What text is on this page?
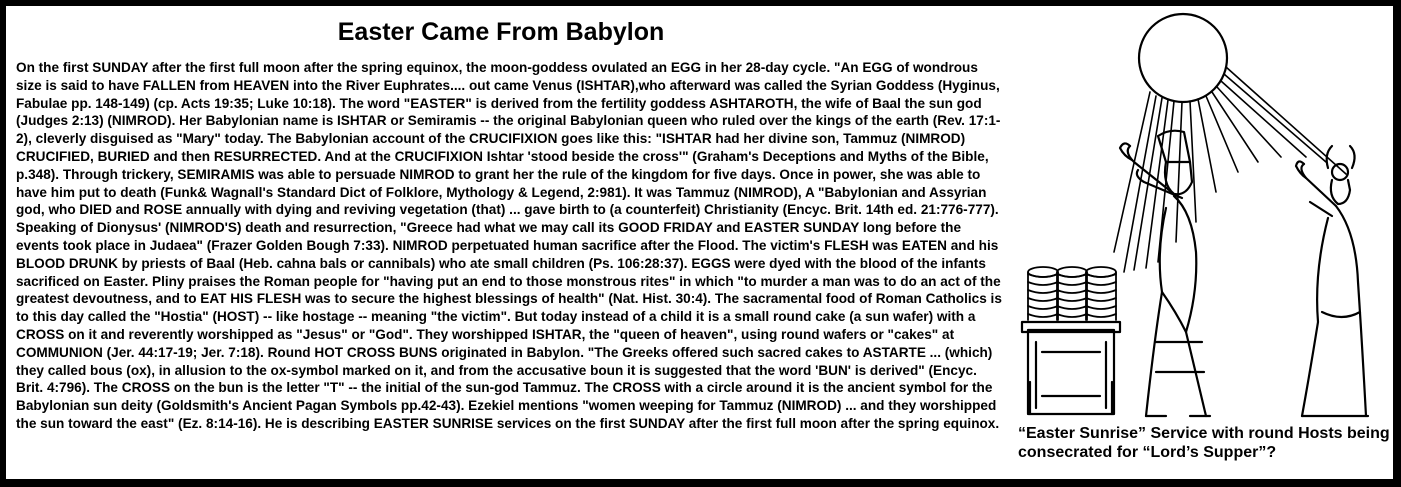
Easter Came From Babylon

On the first SUNDAY after the first full moon after the spring equinox, the moon-goddess ovulated an EGG in her 28-day cycle. "An EGG of wondrous size is said to have FALLEN from HEAVEN into the River Euphrates.... out came Venus (ISHTAR),who afterward was called the Syrian Goddess (Hyginus, Fabulae pp. 148-149) (cp. Acts 19:35; Luke 10:18). The word "EASTER" is derived from the fertility goddess ASHTAROTH, the wife of Baal the sun god (Judges 2:13) (NIMROD). Her Babylonian name is ISHTAR or Semiramis -- the original Babylonian queen who ruled over the kings of the earth (Rev. 17:1-2), cleverly disguised as "Mary" today. The Babylonian account of the CRUCIFIXION goes like this: "ISHTAR had her divine son, Tammuz (NIMROD) CRUCIFIED, BURIED and then RESURRECTED. And at the CRUCIFIXION Ishtar 'stood beside the cross'" (Graham's Deceptions and Myths of the Bible, p.348). Through trickery, SEMIRAMIS was able to persuade NIMROD to grant her the rule of the kingdom for five days. Once in power, she was able to have him put to death (Funk& Wagnall's Standard Dict of Folklore, Mythology & Legend, 2:981). It was Tammuz (NIMROD), A "Babylonian and Assyrian god, who DIED and ROSE annually with dying and reviving vegetation (that) ... gave birth to (a counterfeit) Christianity (Encyc. Brit. 14th ed. 21:776-777). Speaking of Dionysus' (NIMROD'S) death and resurrection, "Greece had what we may call its GOOD FRIDAY and EASTER SUNDAY long before the events took place in Judaea" (Frazer Golden Bough 7:33). NIMROD perpetuated human sacrifice after the Flood. The victim's FLESH was EATEN and his BLOOD DRUNK by priests of Baal (Heb. cahna bals or cannibals) who ate small children (Ps. 106:28:37). EGGS were dyed with the blood of the infants sacrificed on Easter. Pliny praises the Roman people for "having put an end to those monstrous rites" in which "to murder a man was to do an act of the greatest devoutness, and to EAT HIS FLESH was to secure the highest blessings of health" (Nat. Hist. 30:4). The sacramental food of Roman Catholics is to this day called the "Hostia" (HOST) -- like hostage -- meaning "the victim". But today instead of a child it is a small round cake (a sun wafer) with a CROSS on it and reverently worshipped as "Jesus" or "God". They worshipped ISHTAR, the "queen of heaven", using round wafers or "cakes" at COMMUNION (Jer. 44:17-19; Jer. 7:18). Round HOT CROSS BUNS originated in Babylon. "The Greeks offered such sacred cakes to ASTARTE ... (which) they called bous (ox), in allusion to the ox-symbol marked on it, and from the accusative boun it is suggested that the word 'BUN' is derived" (Encyc. Brit. 4:796). The CROSS on the bun is the letter "T" -- the initial of the sun-god Tammuz. The CROSS with a circle around it is the ancient symbol for the Babylonian sun deity (Goldsmith's Ancient Pagan Symbols pp.42-43). Ezekiel mentions "women weeping for Tammuz (NIMROD) ... and they worshipped the sun toward the east" (Ez. 8:14-16). He is describing EASTER SUNRISE services on the first SUNDAY after the first full moon after the spring equinox.

“Easter Sunrise” Service with round Hosts being consecrated for “Lord’s Supper”?
